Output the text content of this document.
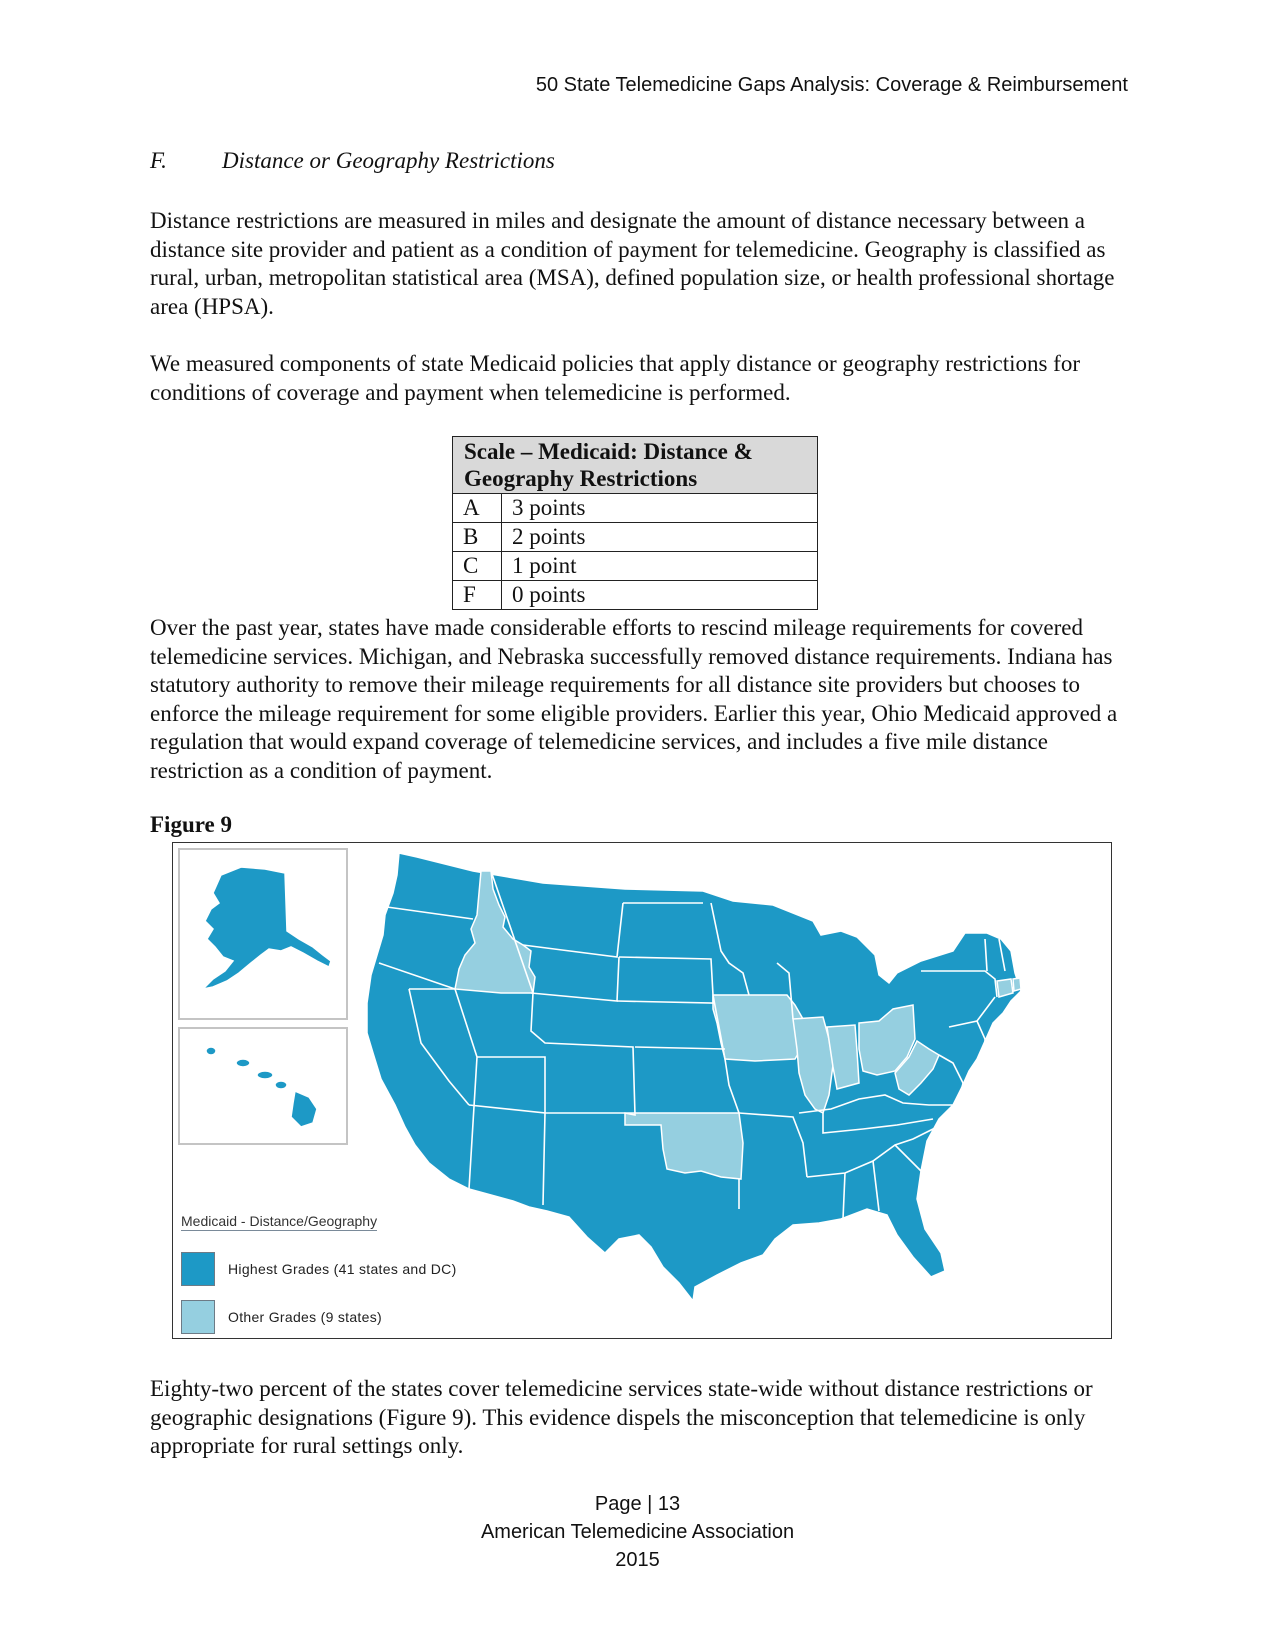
50 State Telemedicine Gaps Analysis: Coverage & Reimbursement
F. Distance or Geography Restrictions

Distance restrictions are measured in miles and designate the amount of distance necessary between a distance site provider and patient as a condition of payment for telemedicine. Geography is classified as rural, urban, metropolitan statistical area (MSA), defined population size, or health professional shortage area (HPSA).

We measured components of state Medicaid policies that apply distance or geography restrictions for conditions of coverage and payment when telemedicine is performed.

Scale – Medicaid: Distance & Geography Restrictions	
A	3 points
B	2 points
C	1 point
F	0 points

Over the past year, states have made considerable efforts to rescind mileage requirements for covered telemedicine services. Michigan, and Nebraska successfully removed distance requirements. Indiana has statutory authority to remove their mileage requirements for all distance site providers but chooses to enforce the mileage requirement for some eligible providers. Earlier this year, Ohio Medicaid approved a regulation that would expand coverage of telemedicine services, and includes a five mile distance restriction as a condition of payment.

Figure 9
Medicaid - Distance/Geography
Highest Grades (41 states and DC)
Other Grades (9 states)

Eighty-two percent of the states cover telemedicine services state-wide without distance restrictions or geographic designations (Figure 9). This evidence dispels the misconception that telemedicine is only appropriate for rural settings only.

Page | 13
American Telemedicine Association
2015
